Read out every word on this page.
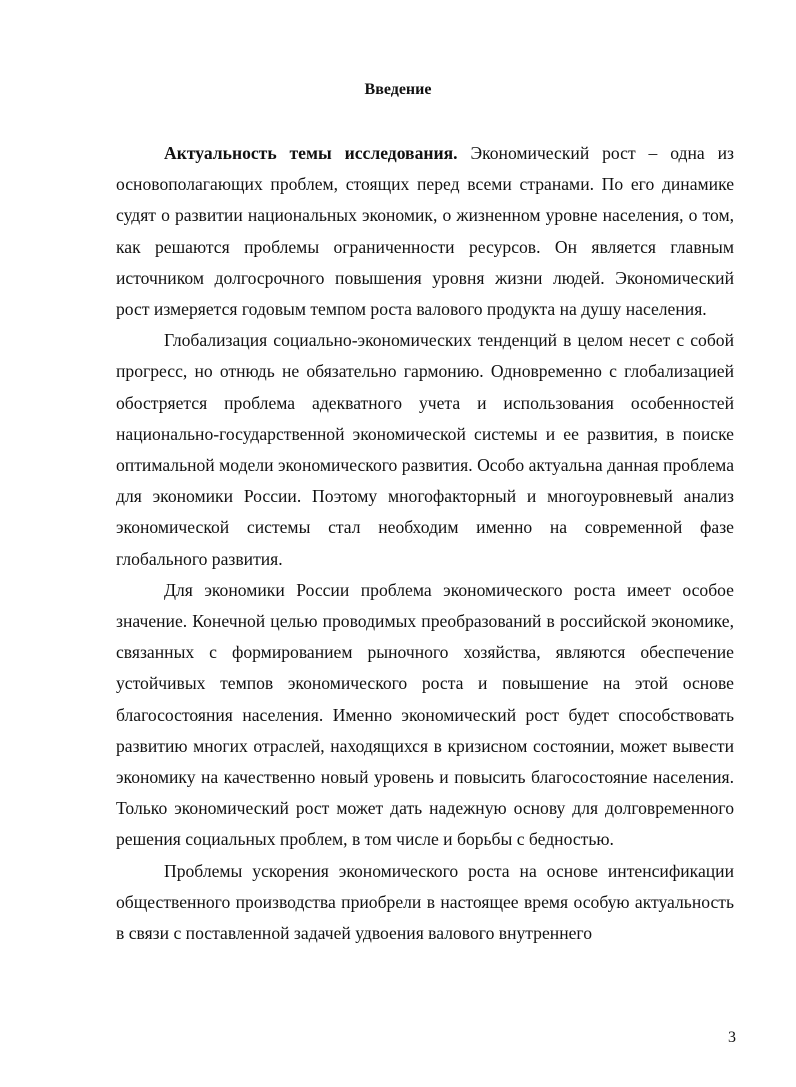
Введение

Актуальность темы исследования. Экономический рост – одна из основополагающих проблем, стоящих перед всеми странами. По его динамике судят о развитии национальных экономик, о жизненном уровне населения, о том, как решаются проблемы ограниченности ресурсов. Он является главным источником долгосрочного повышения уровня жизни людей. Экономический рост измеряется годовым темпом роста валового продукта на душу населения.

Глобализация социально-экономических тенденций в целом несет с собой прогресс, но отнюдь не обязательно гармонию. Одновременно с глобализацией обостряется проблема адекватного учета и использования особенностей национально-государственной экономической системы и ее развития, в поиске оптимальной модели экономического развития. Особо актуальна данная проблема для экономики России. Поэтому многофакторный и многоуровневый анализ экономической системы стал необходим именно на современной фазе глобального развития.

Для экономики России проблема экономического роста имеет особое значение. Конечной целью проводимых преобразований в российской экономике, связанных с формированием рыночного хозяйства, являются обеспечение устойчивых темпов экономического роста и повышение на этой основе благосостояния населения. Именно экономический рост будет способствовать развитию многих отраслей, находящихся в кризисном состоянии, может вывести экономику на качественно новый уровень и повысить благосостояние населения. Только экономический рост может дать надежную основу для долговременного решения социальных проблем, в том числе и борьбы с бедностью.

Проблемы ускорения экономического роста на основе интенсификации общественного производства приобрели в настоящее время особую актуальность в связи с поставленной задачей удвоения валового внутреннего

3
